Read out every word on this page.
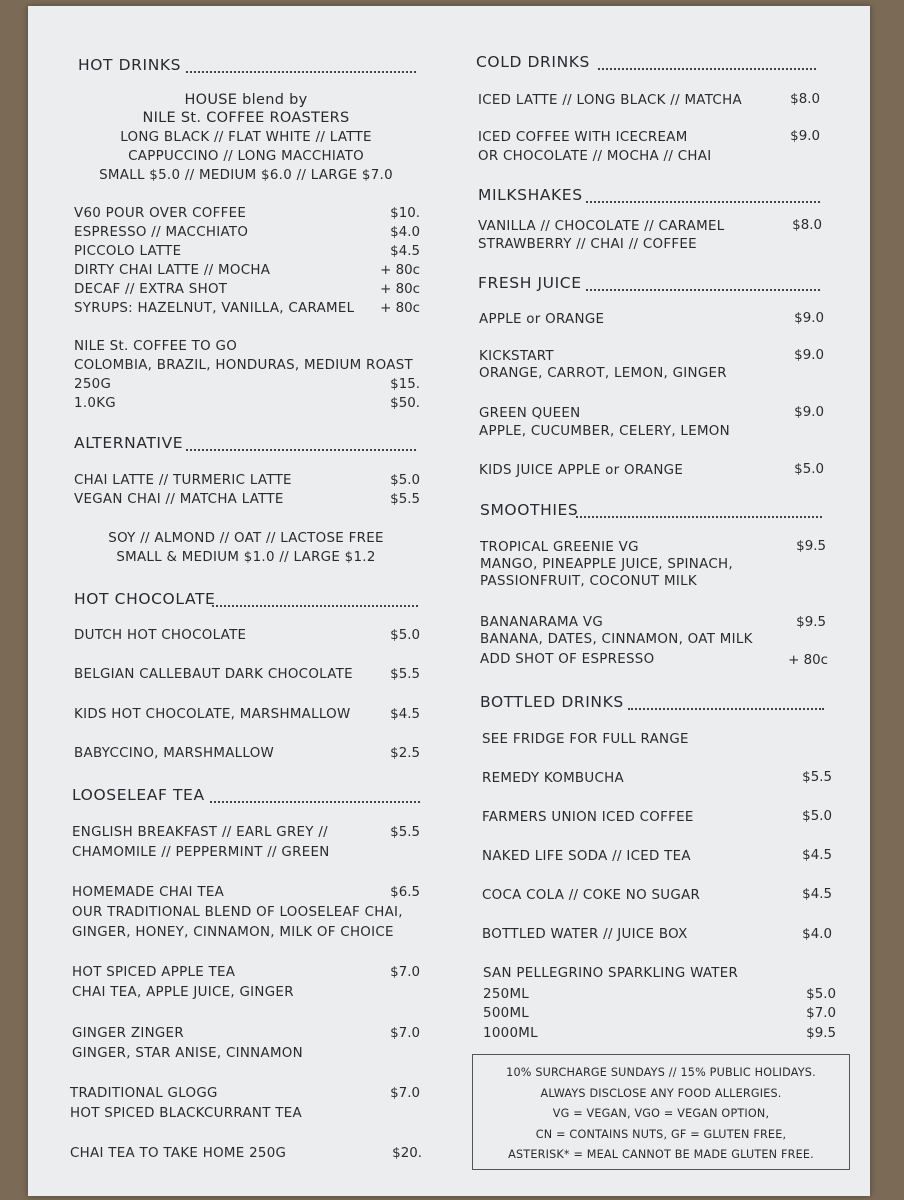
HOT DRINKS
HOUSE blend by
NILE St. COFFEE ROASTERS
LONG BLACK // FLAT WHITE // LATTE
CAPPUCCINO // LONG MACCHIATO
SMALL $5.0 // MEDIUM $6.0 // LARGE $7.0
V60 POUR OVER COFFEE	$10.
ESPRESSO // MACCHIATO	$4.0
PICCOLO LATTE	$4.5
DIRTY CHAI LATTE // MOCHA	+ 80c
DECAF // EXTRA SHOT	+ 80c
SYRUPS: HAZELNUT, VANILLA, CARAMEL + 80c
NILE St. COFFEE TO GO
COLOMBIA, BRAZIL, HONDURAS, MEDIUM ROAST
250G	$15.
1.0KG	$50.
ALTERNATIVE
CHAI LATTE // TURMERIC LATTE	$5.0
VEGAN CHAI // MATCHA LATTE	$5.5
SOY // ALMOND // OAT // LACTOSE FREE
SMALL & MEDIUM $1.0 // LARGE $1.2
HOT CHOCOLATE
DUTCH HOT CHOCOLATE	$5.0
BELGIAN CALLEBAUT DARK CHOCOLATE	$5.5
KIDS HOT CHOCOLATE, MARSHMALLOW	$4.5
BABYCCINO, MARSHMALLOW	$2.5
LOOSELEAF TEA
ENGLISH BREAKFAST // EARL GREY //	$5.5
CHAMOMILE // PEPPERMINT // GREEN
HOMEMADE CHAI TEA	$6.5
OUR TRADITIONAL BLEND OF LOOSELEAF CHAI,
GINGER, HONEY, CINNAMON, MILK OF CHOICE
HOT SPICED APPLE TEA	$7.0
CHAI TEA, APPLE JUICE, GINGER
GINGER ZINGER	$7.0
GINGER, STAR ANISE, CINNAMON
TRADITIONAL GLOGG	$7.0
HOT SPICED BLACKCURRANT TEA
CHAI TEA TO TAKE HOME 250G	$20.
COLD DRINKS
ICED LATTE // LONG BLACK // MATCHA	$8.0
ICED COFFEE WITH ICECREAM	$9.0
OR CHOCOLATE // MOCHA // CHAI
MILKSHAKES
VANILLA // CHOCOLATE // CARAMEL	$8.0
STRAWBERRY // CHAI // COFFEE
FRESH JUICE
APPLE or ORANGE	$9.0
KICKSTART	$9.0
ORANGE, CARROT, LEMON, GINGER
GREEN QUEEN	$9.0
APPLE, CUCUMBER, CELERY, LEMON
KIDS JUICE APPLE or ORANGE	$5.0
SMOOTHIES
TROPICAL GREENIE VG	$9.5
MANGO, PINEAPPLE JUICE, SPINACH,
PASSIONFRUIT, COCONUT MILK
BANANARAMA VG	$9.5
BANANA, DATES, CINNAMON, OAT MILK
ADD SHOT OF ESPRESSO	+ 80c
BOTTLED DRINKS
SEE FRIDGE FOR FULL RANGE
REMEDY KOMBUCHA	$5.5
FARMERS UNION ICED COFFEE	$5.0
NAKED LIFE SODA // ICED TEA	$4.5
COCA COLA // COKE NO SUGAR	$4.5
BOTTLED WATER // JUICE BOX	$4.0
SAN PELLEGRINO SPARKLING WATER
250ML	$5.0
500ML	$7.0
1000ML	$9.5
10% SURCHARGE SUNDAYS // 15% PUBLIC HOLIDAYS.
ALWAYS DISCLOSE ANY FOOD ALLERGIES.
VG = VEGAN, VGO = VEGAN OPTION,
CN = CONTAINS NUTS, GF = GLUTEN FREE,
ASTERISK* = MEAL CANNOT BE MADE GLUTEN FREE.
